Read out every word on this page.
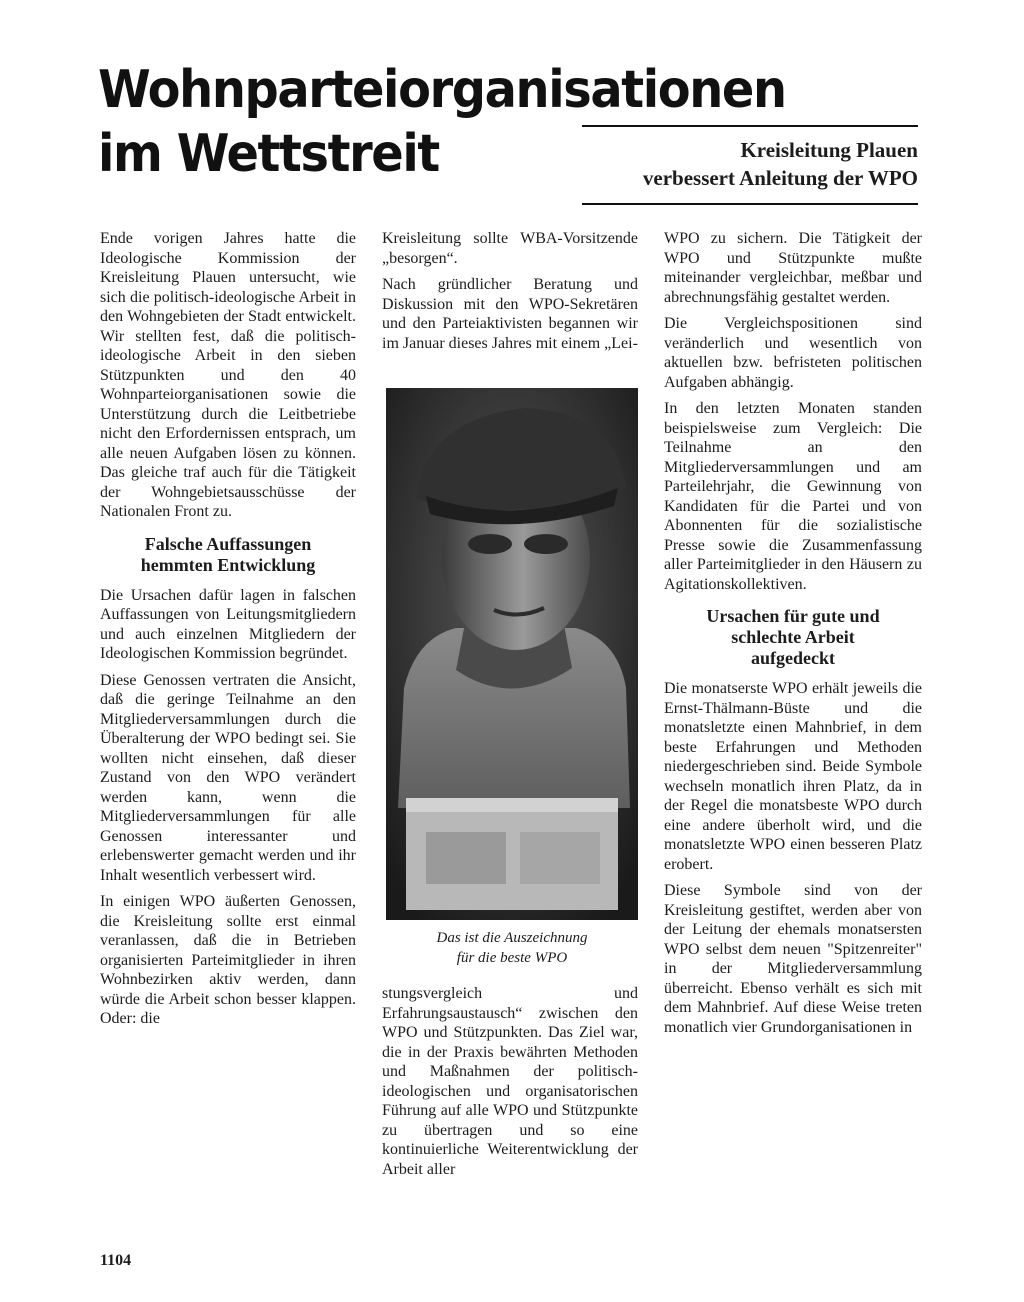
Wohnparteiorganisationen
im Wettstreit	Kreisleitung Plauen
verbessert Anleitung der WPO

Ende vorigen Jahres hatte die Ideologische Kommission der Kreisleitung Plauen untersucht, wie sich die politisch-ideologische Arbeit in den Wohngebieten der Stadt entwickelt. Wir stellten fest, daß die politisch-ideologische Arbeit in den sieben Stützpunkten und den 40 Wohnparteiorganisationen sowie die Unterstützung durch die Leitbetriebe nicht den Erfordernissen entsprach, um alle neuen Aufgaben lösen zu können. Das gleiche traf auch für die Tätigkeit der Wohngebietsausschüsse der Nationalen Front zu.

Falsche Auffassungen
hemmten Entwicklung

Die Ursachen dafür lagen in falschen Auffassungen von Leitungsmitgliedern und auch einzelnen Mitgliedern der Ideologischen Kommission begründet.

Diese Genossen vertraten die Ansicht, daß die geringe Teilnahme an den Mitgliederversammlungen durch die Überalterung der WPO bedingt sei. Sie wollten nicht einsehen, daß dieser Zustand von den WPO verändert werden kann, wenn die Mitgliederversammlungen für alle Genossen interessanter und erlebenswerter gemacht werden und ihr Inhalt wesentlich verbessert wird.

In einigen WPO äußerten Genossen, die Kreisleitung sollte erst einmal veranlassen, daß die in Betrieben organisierten Parteimitglieder in ihren Wohnbezirken aktiv werden, dann würde die Arbeit schon besser klappen. Oder: die

Kreisleitung sollte WBA-Vorsitzende „besorgen“.

Nach gründlicher Beratung und Diskussion mit den WPO-Sekretären und den Parteiaktivisten begannen wir im Januar dieses Jahres mit einem „Lei-

Das ist die Auszeichnung
für die beste WPO

stungsvergleich und Erfahrungsaustausch“ zwischen den WPO und Stützpunkten. Das Ziel war, die in der Praxis bewährten Methoden und Maßnahmen der politisch-ideologischen und organisatorischen Führung auf alle WPO und Stützpunkte zu übertragen und so eine kontinuierliche Weiterentwicklung der Arbeit aller

WPO zu sichern. Die Tätigkeit der WPO und Stützpunkte mußte miteinander vergleichbar, meßbar und abrechnungsfähig gestaltet werden.

Die Vergleichspositionen sind veränderlich und wesentlich von aktuellen bzw. befristeten politischen Aufgaben abhängig.

In den letzten Monaten standen beispielsweise zum Vergleich: Die Teilnahme an den Mitgliederversammlungen und am Parteilehrjahr, die Gewinnung von Kandidaten für die Partei und von Abonnenten für die sozialistische Presse sowie die Zusammenfassung aller Parteimitglieder in den Häusern zu Agitationskollektiven.

Ursachen für gute und
schlechte Arbeit
aufgedeckt

Die monatserste WPO erhält jeweils die Ernst-Thälmann-Büste und die monatsletzte einen Mahnbrief, in dem beste Erfahrungen und Methoden niedergeschrieben sind. Beide Symbole wechseln monatlich ihren Platz, da in der Regel die monatsbeste WPO durch eine andere überholt wird, und die monatsletzte WPO einen besseren Platz erobert.

Diese Symbole sind von der Kreisleitung gestiftet, werden aber von der Leitung der ehemals monatsersten WPO selbst dem neuen "Spitzenreiter" in der Mitgliederversammlung überreicht. Ebenso verhält es sich mit dem Mahnbrief. Auf diese Weise treten monatlich vier Grundorganisationen in

1104
